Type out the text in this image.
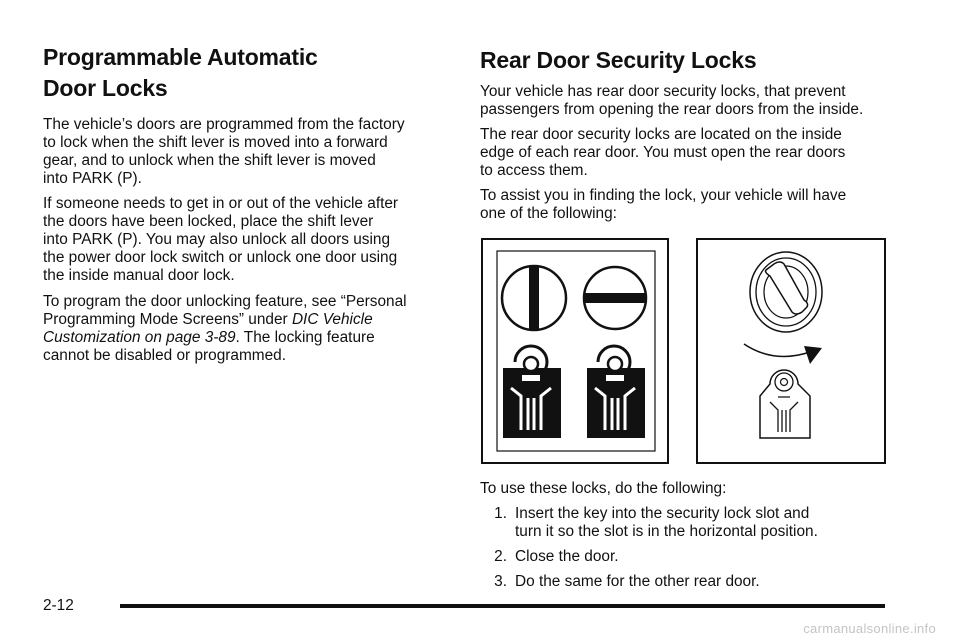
Programmable Automatic
Door Locks

The vehicle’s doors are programmed from the factory
to lock when the shift lever is moved into a forward
gear, and to unlock when the shift lever is moved
into PARK (P).

If someone needs to get in or out of the vehicle after
the doors have been locked, place the shift lever
into PARK (P). You may also unlock all doors using
the power door lock switch or unlock one door using
the inside manual door lock.

To program the door unlocking feature, see “Personal
Programming Mode Screens” under DIC Vehicle
Customization on page 3-89. The locking feature
cannot be disabled or programmed.

Rear Door Security Locks

Your vehicle has rear door security locks, that prevent
passengers from opening the rear doors from the inside.

The rear door security locks are located on the inside
edge of each rear door. You must open the rear doors
to access them.

To assist you in finding the lock, your vehicle will have
one of the following:

To use these locks, do the following:

1. Insert the key into the security lock slot and
turn it so the slot is in the horizontal position.
2. Close the door.
3. Do the same for the other rear door.
2-12
carmanualsonline.info
